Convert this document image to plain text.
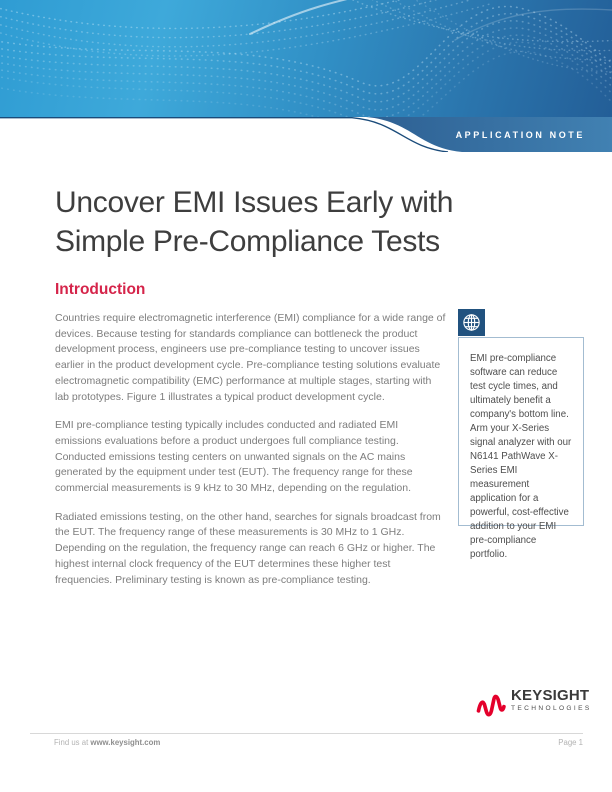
APPLICATION NOTE
Uncover EMI Issues Early with
Simple Pre-Compliance Tests
Introduction

Countries require electromagnetic interference (EMI) compliance for a wide range of devices. Because testing for standards compliance can bottleneck the product development process, engineers use pre-compliance testing to uncover issues earlier in the product development cycle. Pre-compliance testing solutions evaluate electromagnetic compatibility (EMC) performance at multiple stages, starting with lab prototypes. Figure 1 illustrates a typical product development cycle.

EMI pre-compliance testing typically includes conducted and radiated EMI emissions evaluations before a product undergoes full compliance testing. Conducted emissions testing centers on unwanted signals on the AC mains generated by the equipment under test (EUT). The frequency range for these commercial measurements is 9 kHz to 30 MHz, depending on the regulation.

Radiated emissions testing, on the other hand, searches for signals broadcast from the EUT. The frequency range of these measurements is 30 MHz to 1 GHz. Depending on the regulation, the frequency range can reach 6 GHz or higher. The highest internal clock frequency of the EUT determines these higher test frequencies. Preliminary testing is known as pre-compliance testing.

EMI pre-compliance software can reduce test cycle times, and ultimately benefit a company's bottom line. Arm your X-Series signal analyzer with our N6141 PathWave X-Series EMI measurement application for a powerful, cost-effective addition to your EMI pre-compliance portfolio.
KEYSIGHT
TECHNOLOGIES
Find us at www.keysight.com	Page 1
